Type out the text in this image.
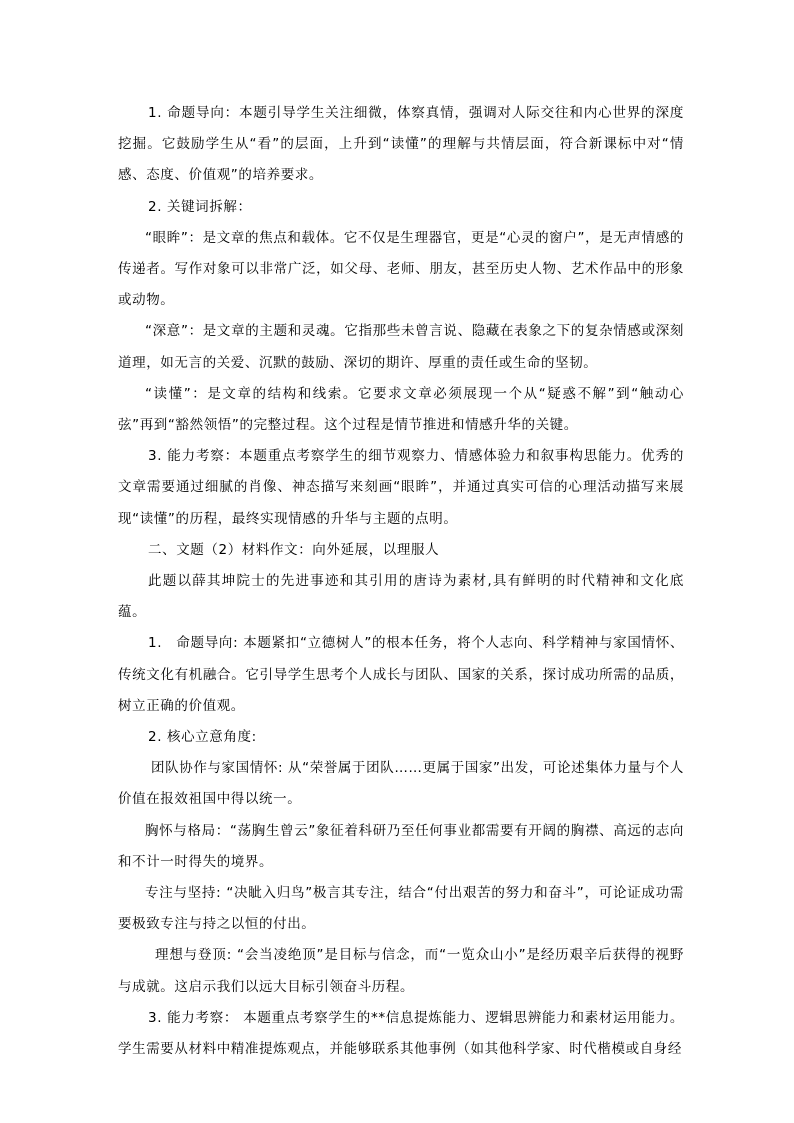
1. 命题导向：本题引导学生关注细微，体察真情，强调对人际交往和内心世界的深度挖掘。它鼓励学生从“看”的层面，上升到“读懂”的理解与共情层面，符合新课标中对“情感、态度、价值观”的培养要求。

2. 关键词拆解：

“眼眸”：是文章的焦点和载体。它不仅是生理器官，更是“心灵的窗户”，是无声情感的传递者。写作对象可以非常广泛，如父母、老师、朋友，甚至历史人物、艺术作品中的形象或动物。

“深意”：是文章的主题和灵魂。它指那些未曾言说、隐藏在表象之下的复杂情感或深刻道理，如无言的关爱、沉默的鼓励、深切的期许、厚重的责任或生命的坚韧。

“读懂”：是文章的结构和线索。它要求文章必须展现一个从“疑惑不解”到“触动心弦”再到“豁然领悟”的完整过程。这个过程是情节推进和情感升华的关键。

3. 能力考察：本题重点考察学生的细节观察力、情感体验力和叙事构思能力。优秀的文章需要通过细腻的肖像、神态描写来刻画“眼眸”，并通过真实可信的心理活动描写来展现“读懂”的历程，最终实现情感的升华与主题的点明。

二、文题（2）材料作文：向外延展，以理服人

此题以薛其坤院士的先进事迹和其引用的唐诗为素材,具有鲜明的时代精神和文化底蕴。

1.　命题导向: 本题紧扣“立德树人”的根本任务，将个人志向、科学精神与家国情怀、传统文化有机融合。它引导学生思考个人成长与团队、国家的关系，探讨成功所需的品质，树立正确的价值观。

2. 核心立意角度:

团队协作与家国情怀: 从“荣誉属于团队……更属于国家”出发，可论述集体力量与个人价值在报效祖国中得以统一。

胸怀与格局：“荡胸生曾云”象征着科研乃至任何事业都需要有开阔的胸襟、高远的志向和不计一时得失的境界。

专注与坚持: “决眦入归鸟”极言其专注，结合“付出艰苦的努力和奋斗”，可论证成功需要极致专注与持之以恒的付出。

理想与登顶: “会当凌绝顶”是目标与信念，而“一览众山小”是经历艰辛后获得的视野与成就。这启示我们以远大目标引领奋斗历程。

3. 能力考察： 本题重点考察学生的**信息提炼能力、逻辑思辨能力和素材运用能力。学生需要从材料中精准提炼观点，并能够联系其他事例（如其他科学家、时代楷模或自身经
